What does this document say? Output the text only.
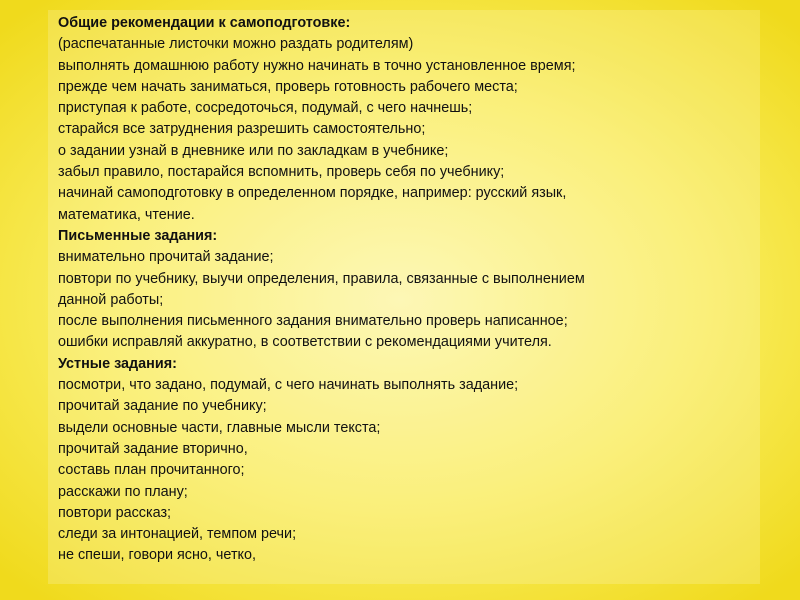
Общие рекомендации к самоподготовке:
(распечатанные листочки можно раздать родителям)
выполнять домашнюю работу нужно начинать в точно установленное время;
прежде чем начать заниматься, проверь готовность рабочего места;
приступая к работе, сосредоточься, подумай, с чего начнешь;
старайся все затруднения разрешить самостоятельно;
о задании узнай в дневнике или по закладкам в учебнике;
забыл правило, постарайся вспомнить, проверь себя по учебнику;
начинай самоподготовку в определенном порядке, например: русский язык,
математика, чтение.
Письменные задания:
внимательно прочитай задание;
повтори по учебнику, выучи определения, правила, связанные с выполнением
данной работы;
после выполнения письменного задания внимательно проверь написанное;
ошибки исправляй аккуратно, в соответствии с рекомендациями учителя.
Устные задания:
посмотри, что задано, подумай, с чего начинать выполнять задание;
прочитай задание по учебнику;
выдели основные части, главные мысли текста;
прочитай задание вторично,
составь план прочитанного;
расскажи по плану;
повтори рассказ;
следи за интонацией, темпом речи;
не спеши, говори ясно, четко,
